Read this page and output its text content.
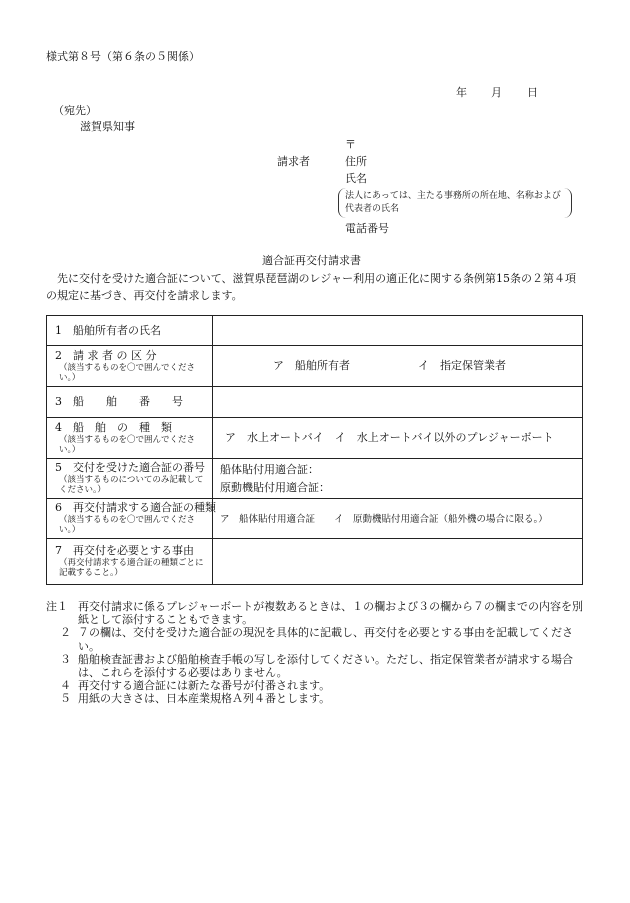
様式第８号（第６条の５関係）
年 月 日
（宛先）
滋賀県知事
〒
請求者	住所
氏名
法人にあっては、主たる事務所の所在地、名称および代表者の氏名
電話番号
適合証再交付請求書
先に交付を受けた適合証について、滋賀県琵琶湖のレジャー利用の適正化に関する条例第15条の２第４項の規定に基づき、再交付を請求します。
1　船舶所有者の氏名	

2　請 求 者 の 区 分
（該当するものを〇で囲んでください。）	ア　船舶所有者 イ　指定保管業者

3　船　　舶　　番　　号	

4　船　舶　の　種　類
（該当するものを〇で囲んでください。）	ア　水上オートバイ　イ　水上オートバイ以外のプレジャーボート

5　交付を受けた適合証の番号
（該当するものについてのみ記載してください。）	船体貼付用適合証：
原動機貼付用適合証：

6　再交付請求する適合証の種類
（該当するものを〇で囲んでください。）	ア　船体貼付用適合証　　イ　原動機貼付用適合証（船外機の場合に限る。）

7　再交付を必要とする事由
（再交付請求する適合証の種類ごとに記載すること。）	

注１ 再交付請求に係るプレジャーボートが複数あるときは、１の欄および３の欄から７の欄までの内容を別紙として添付することもできます。
２ ７の欄は、交付を受けた適合証の現況を具体的に記載し、再交付を必要とする事由を記載してください。
３ 船舶検査証書および船舶検査手帳の写しを添付してください。ただし、指定保管業者が請求する場合は、これらを添付する必要はありません。
４ 再交付する適合証には新たな番号が付番されます。
５ 用紙の大きさは、日本産業規格Ａ列４番とします。
